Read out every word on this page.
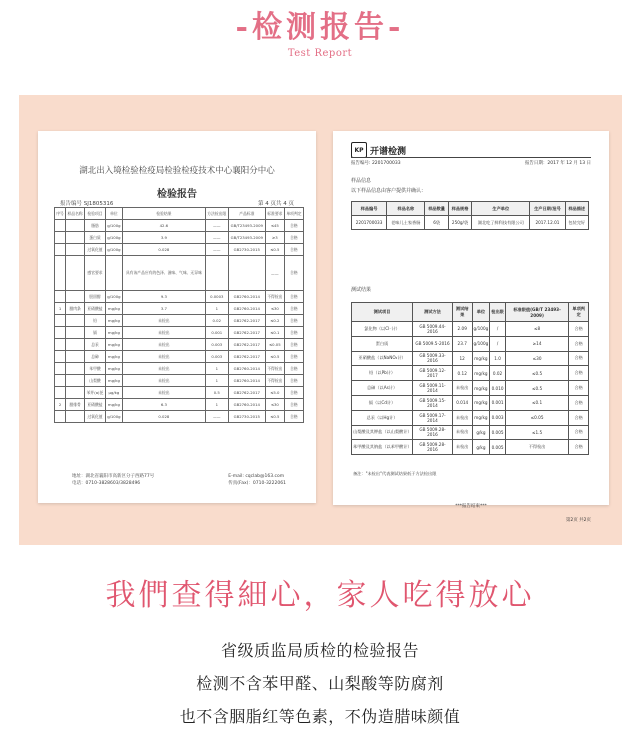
-检测报告-
Test Report
湖北出入境检验检疫局检验检疫技术中心襄阳分中心
检验报告
报告编号 SJ1805316	第 4 页共 4 页
序号	样品名称	检验项目	单位	检验结果	方法检出限	产品标准	标准要求	单项判定
		脂肪	g/100g	42.6	——	GB/T23493-2009	≤45	合格
		蛋白质	g/100g	3.9	——	GB/T23493-2009	≥3	合格
		过氧化值	g/100g	0.028	——	GB2730-2015	≤0.5	合格
		感官要求		具有该产品应有的色泽、滋味、气味、无异味			——	合格
		胆固醇	g/100g	9.3	0.0003	GB2760-2014	不得检出	合格
1	腊肉条	亚硝酸盐	mg/kg	3.7	1	GB2760-2014	≤30	合格
		铅	mg/kg	未检出	0.02	GB2762-2017	≤0.2	合格
		镉	mg/kg	未检出	0.001	GB2762-2017	≤0.1	合格
		总汞	mg/kg	未检出	0.003	GB2762-2017	≤0.05	合格
		总砷	mg/kg	未检出	0.003	GB2762-2017	≤0.5	合格
		苯甲酸	mg/kg	未检出	1	GB2760-2014	不得检出	合格
		山梨酸	mg/kg	未检出	1	GB2760-2014	不得检出	合格
		苯并(a)芘	μg/kg	未检出	0.5	GB2762-2017	≤5.0	合格
2	腊排骨	亚硝酸盐	mg/kg	6.3	1	GB2760-2014	≤30	合格
		过氧化值	g/100g	0.028	——	GB2730-2015	≤0.5	合格
地址：湖北省襄阳市高新区分子西路77号
电话：0710-3828603/3828496
E-mail: cqclab@163.com
传真(Fax)：0710-3222061
KP 开谱检测
报告编号: 2201700033	报告日期：2017 年 12 月 13 日
样品信息
以下样品信息由客户提供并确认：
样品编号	样品名称	样品数量	样品规格	生产单位	生产日期/批号	样品描述
2201700033	老味儿土家香肠	6袋	250g/袋	湖北吃了鲜科技有限公司	2017.12.01	包装完好
测试结果
测试项目	测试方法	测试结果	单位	检出限	标准限值(GB/T 23493-2009)	单项判定
氯化物（以Cl⁻计）	GB 5009.44-2016	2.09	g/100g	/	≤8	合格
蛋白质	GB 5009.5-2016	23.7	g/100g	/	≥14	合格
亚硝酸盐（以NaNO₂计）	GB 5009.33-2016	12	mg/kg	1.0	≤30	合格
铅（以Pb计）	GB 5009.12-2017	0.12	mg/kg	0.02	≤0.5	合格
总砷（以As计）	GB 5009.11-2014	未检出	mg/kg	0.010	≤0.5	合格
镉（以Cd计）	GB 5009.15-2014	0.014	mg/kg	0.001	≤0.1	合格
总汞（以Hg计）	GB 5009.17-2014	未检出	mg/kg	0.003	≤0.05	合格
山梨酸及其钾盐（以山梨酸计）	GB 5009.28-2016	未检出	g/kg	0.005	≤1.5	合格
苯甲酸及其钠盐（以苯甲酸计）	GB 5009.28-2016	未检出	g/kg	0.005	不得检出	合格
备注："未检出"代表测试结果低于方法检出限
***报告结束***
第2页 共2页
我們查得細心，家人吃得放心
省级质监局质检的检验报告
检测不含苯甲醛、山梨酸等防腐剂
也不含胭脂红等色素，不伪造腊味颜值
